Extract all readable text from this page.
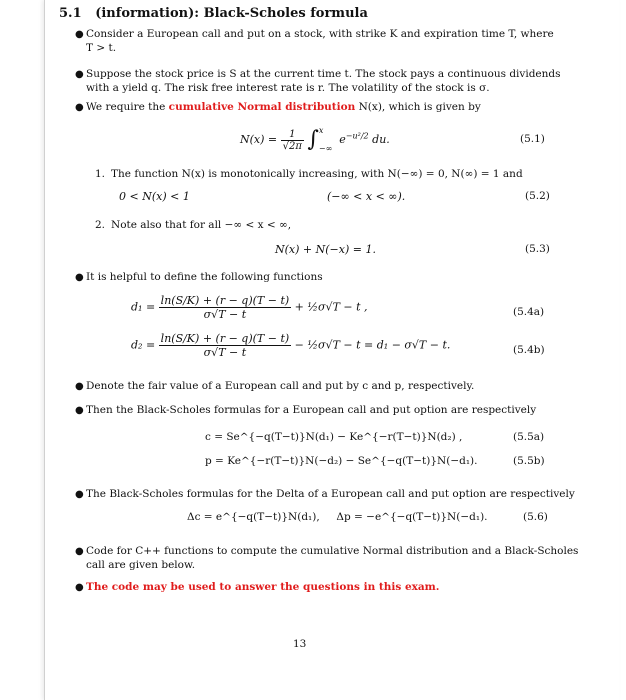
5.1 (information): Black-Scholes formula
● Consider a European call and put on a stock, with strike K and expiration time T, where
T > t.
● Suppose the stock price is S at the current time t. The stock pays a continuous dividends
with a yield q. The risk free interest rate is r. The volatility of the stock is σ.
● We require the cumulative Normal distribution N(x), which is given by
$N(x) = \frac{1}{√2\pi}$ ∫ x
−∞
$e^{-u^2/2}$ du.	(5.1)
1. The function N(x) is monotonically increasing, with N(−∞) = 0, N(∞) = 1 and
0 < N(x) < 1	(−∞ < x < ∞).	(5.2)
2. Note also that for all −∞ < x < ∞,
N(x) + N(−x) = 1.	(5.3)
● It is helpful to define the following functions
$d_1 = \frac{\ln(S/K) + (r - q)(T - t)}{\sigma√T - t}$ + ½σ√T − t ,	(5.4a)
$d_2 = \frac{\ln(S/K) + (r - q)(T - t)}{\sigma√T - t}$ − ½σ√T − t = d₁ − σ√T − t.	(5.4b)
● Denote the fair value of a European call and put by c and p, respectively.
● Then the Black-Scholes formulas for a European call and put option are respectively
c = Se^{−q(T−t)}N(d₁) − Ke^{−r(T−t)}N(d₂) ,	(5.5a)
p = Ke^{−r(T−t)}N(−d₂) − Se^{−q(T−t)}N(−d₁).	(5.5b)
● The Black-Scholes formulas for the Delta of a European call and put option are respectively
Δc = e^{−q(T−t)}N(d₁),     Δp = −e^{−q(T−t)}N(−d₁).	(5.6)
● Code for C++ functions to compute the cumulative Normal distribution and a Black-Scholes
call are given below.
● The code may be used to answer the questions in this exam.
13
